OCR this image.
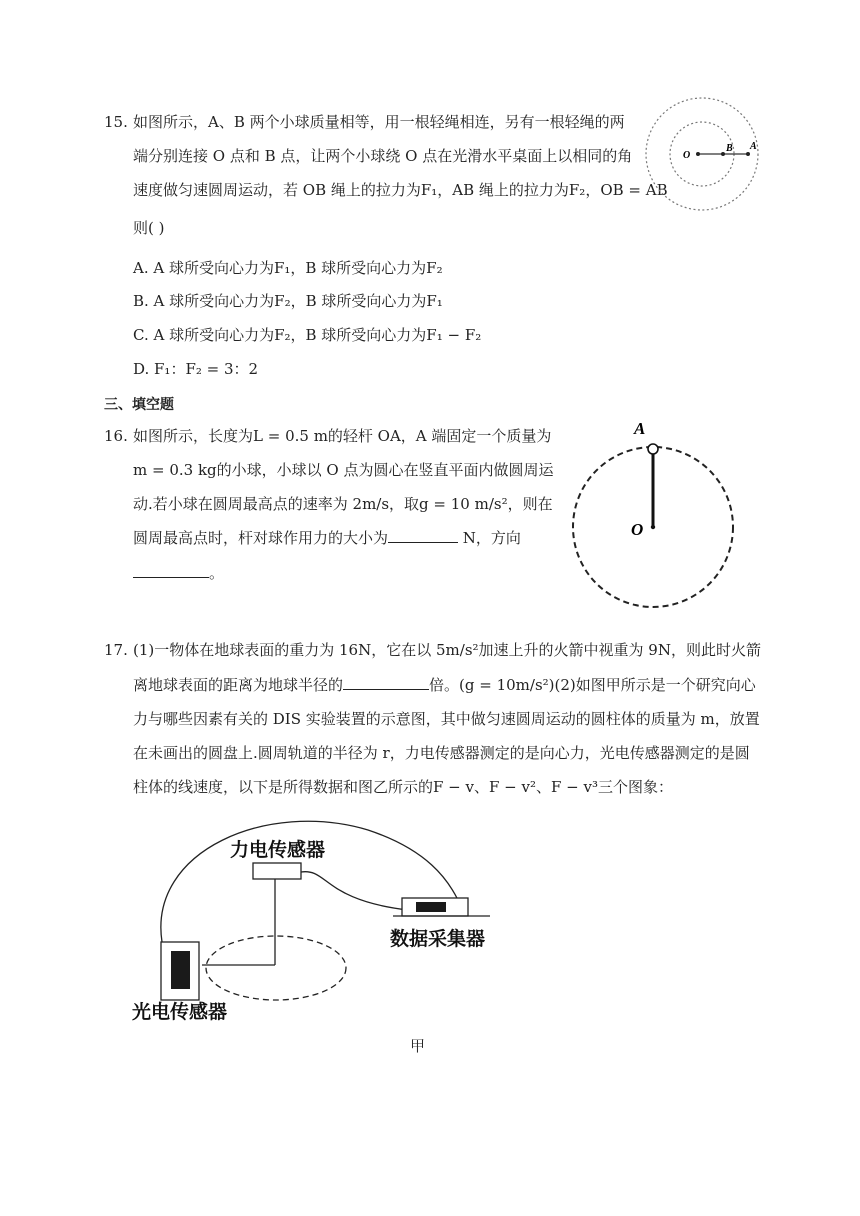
15. 如图所示，A、B 两个小球质量相等，用一根轻绳相连，另有一根轻绳的两
端分别连接 O 点和 B 点，让两个小球绕 O 点在光滑水平桌面上以相同的角
速度做匀速圆周运动，若 OB 绳上的拉力为F₁，AB 绳上的拉力为F₂，OB = AB
则( )
A. A 球所受向心力为F₁，B 球所受向心力为F₂
B. A 球所受向心力为F₂，B 球所受向心力为F₁
C. A 球所受向心力为F₂，B 球所受向心力为F₁ − F₂
D. F₁：F₂ = 3：2
O
B A
三、填空题
16. 如图所示，长度为L = 0.5 m的轻杆 OA，A 端固定一个质量为
m = 0.3 kg的小球，小球以 O 点为圆心在竖直平面内做圆周运
动.若小球在圆周最高点的速率为 2m/s，取g = 10 m/s²，则在
圆周最高点时，杆对球作用力的大小为	N，方向
。
A
O
17. (1)一物体在地球表面的重力为 16N，它在以 5m/s²加速上升的火箭中视重为 9N，则此时火箭
离地球表面的距离为地球半径的	倍。(g = 10m/s²)(2)如图甲所示是一个研究向心
力与哪些因素有关的 DIS 实验装置的示意图，其中做匀速圆周运动的圆柱体的质量为 m，放置
在未画出的圆盘上.圆周轨道的半径为 r，力电传感器测定的是向心力，光电传感器测定的是圆
柱体的线速度，以下是所得数据和图乙所示的F − v、F − v²、F − v³三个图象：
力电传感器
光电传感器
数据采集器
甲
